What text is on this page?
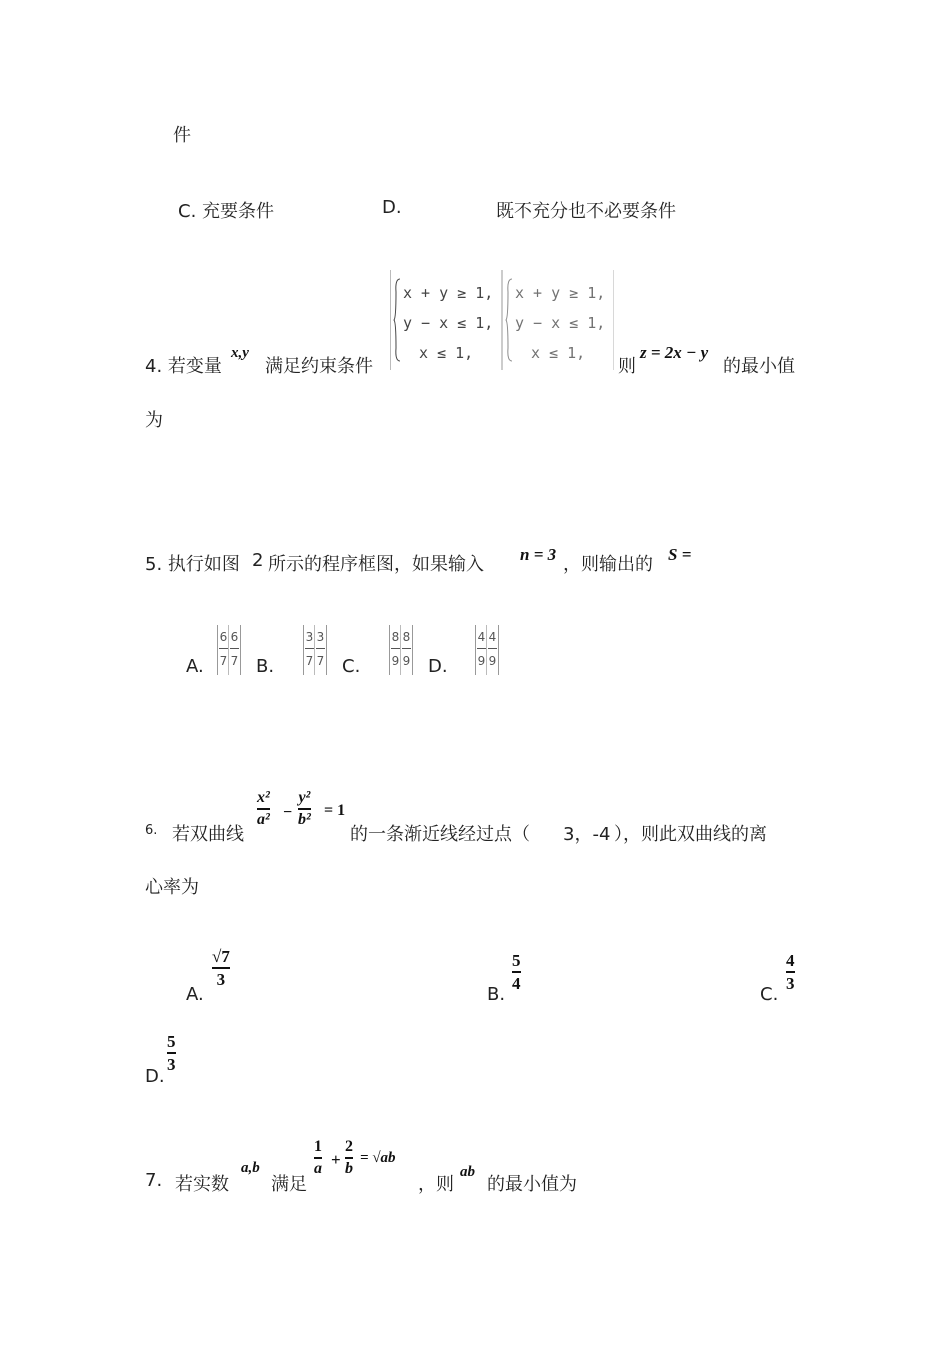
件
C. 充要条件	D.	既不充分也不必要条件
4. 若变量
x,y
满足约束条件
x + y ≥ 1,
y − x ≤ 1,
x ≤ 1,
x + y ≥ 1,
y − x ≤ 1,
x ≤ 1,
则
z = 2x − y
的最小值
为
5. 执行如图 2 所示的程序框图，如果输入 n = 3 ，则输出的 S =
A.
6
7
6
7 B.
3
7
3
7 C.
8
9
8
9 D.
4
9
4
9
6. 若双曲线
x²
a² −
y²
b²
= 1
的一条渐近线经过点（ 3，-4 ），则此双曲线的离
心率为
A.
√7
3
B.
5
4
C.
4
3
D.
5
3
7. 若实数
a,b
满足
1
a +
2
b
= √ab
，则
ab
的最小值为
